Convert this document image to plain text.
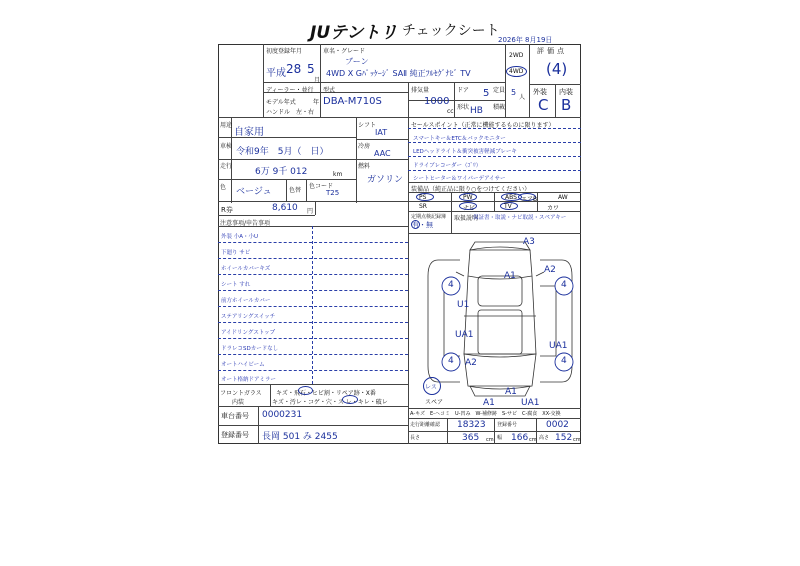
JUテントリ チェックシート
2026年 8月19日
初度登録年月
平成 28 5
月
車名・グレード
ブーン
4WD X Gﾊﾟｯｹｰｼﾞ SAⅡ 純正ﾌﾙｾｸﾞﾅﾋﾞ TV
2WD
4WD
評価点
(4)
外装 内装
C B
ディーラー・並行
モデル年式	年
ハンドル　左・右
型式
DBA-M710S
排気量
1000
cc
ドア 5 定員 5
人
形状 HB 積載
用途
自家用
車検
令和9年　5月（　日）
走行
6万 9千 012	km
色 ベージュ	色替
色コード
T25
シフト
IAT
冷房
AAC
燃料
ガソリン
R券	8,610 円
注意事項/申告事項
外装 小A・小U
下廻り サビ
ホイールカバーキズ
シート すれ
前方ホイールカバー
ステアリングスイッチ
アイドリングストップ
ドラレコSDカードなし
オートハイビーム
オート格納ドアミラー
フロントガラス
内装
キズ・飛石・ヒビ割・リペア跡・X番
キズ・汚レ・コゲ・穴・ス レ・キレ・破レ
車台番号 0000231
登録番号 長岡 501 み 2455
セールスポイント（正常に機能するものに限ります）
スマートキー＆ETC＆バックモニター
LEDヘッドライト＆衝突被害軽減ブレーキ
ドライブレコーダー（ｺﾞﾘ）
シートヒーター＆ワイパーデアイサー
装備品（純正品に限り○をつけてください）
PS	PW	ABS エアB	AW
SR	ナビ	TV	カワ
定期点検記録簿
有・無
取扱説明
保証書・取説・ナビ取説・スペアキー
A3
A1
A2
4	4
U1
UA1
UA1
4	4
A2
A1
A1	UA1
レス
スペア
A-キズ　E-ヘコミ　U-凹み　W-補修跡　S-サビ　C-腐食　XX-交換
走行距離確認 18323 登録番号	0002
長さ	365 cm 幅 166 cm 高さ 152 cm
